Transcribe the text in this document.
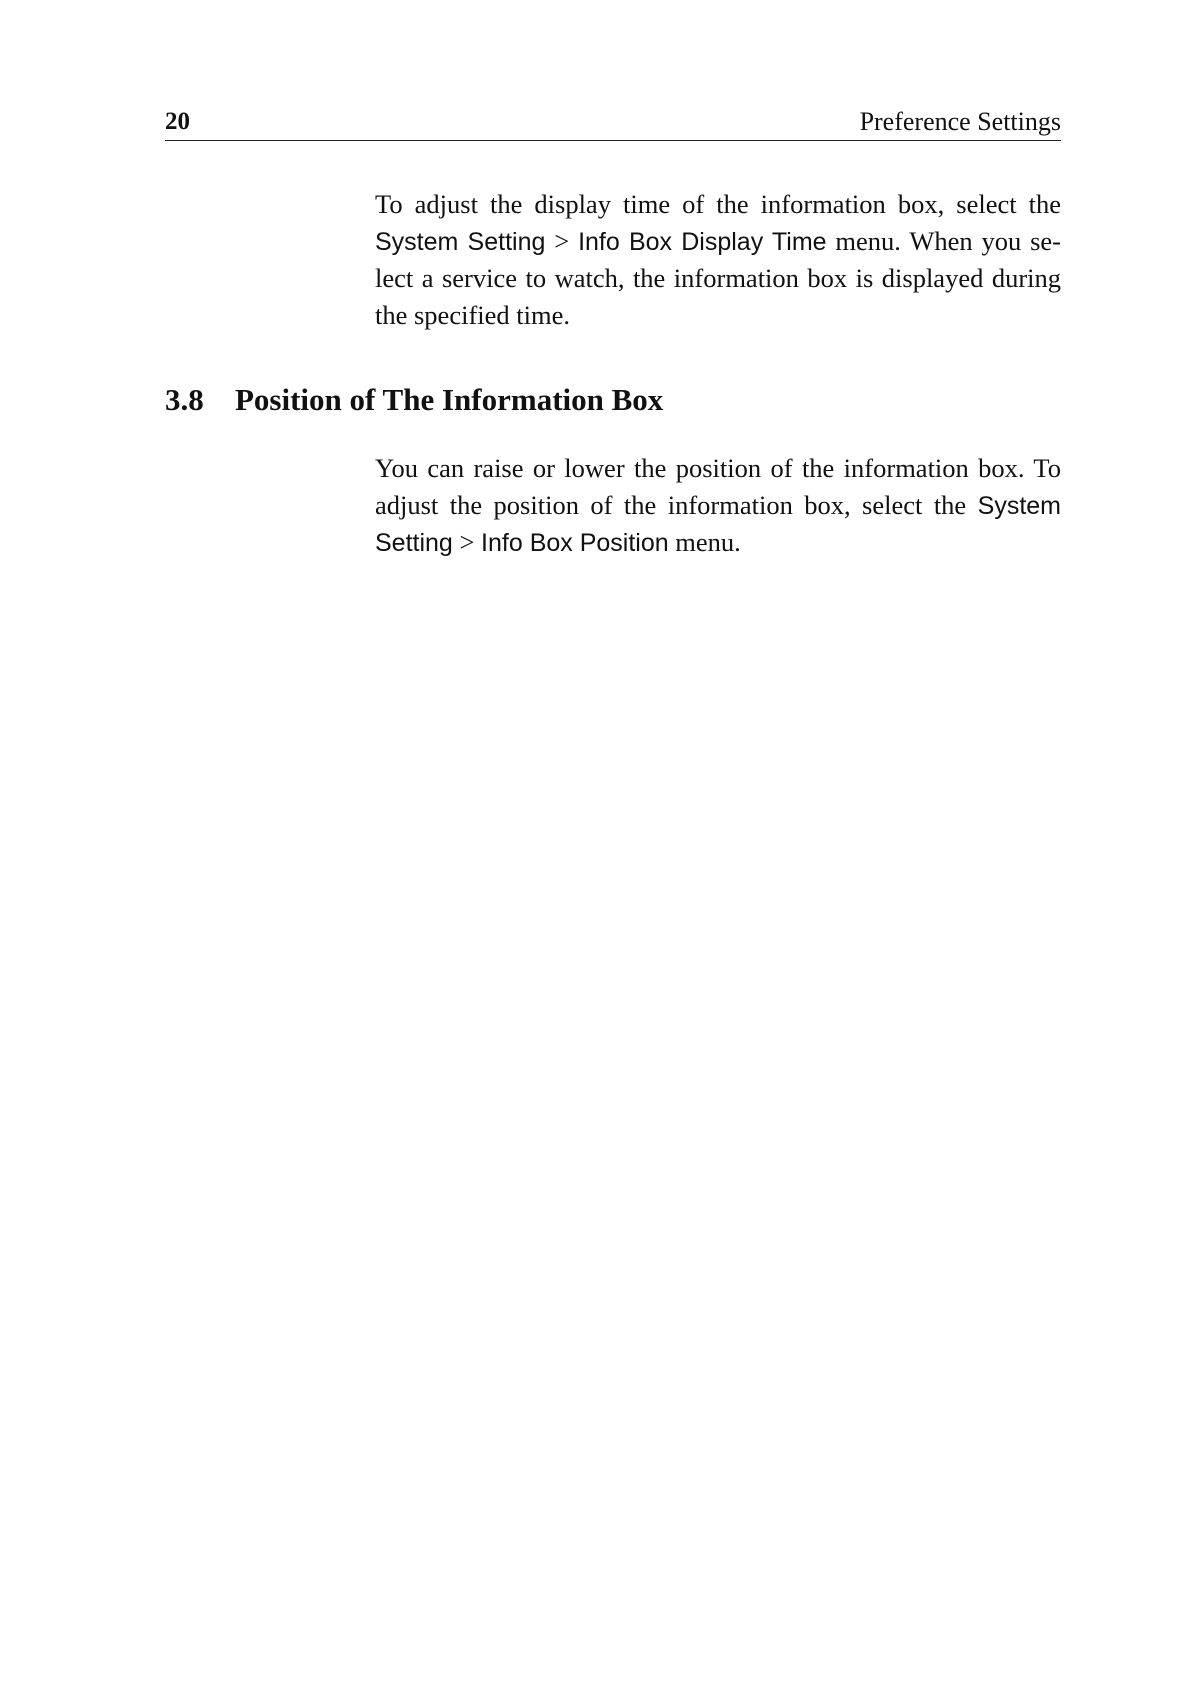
20	Preference Settings

To adjust the display time of the information box, select the System Setting > Info Box Display Time menu. When you select a service to watch, the information box is displayed during the specified time.

3.8 Position of The Information Box

You can raise or lower the position of the information box. To adjust the position of the information box, select the System Setting > Info Box Position menu.
